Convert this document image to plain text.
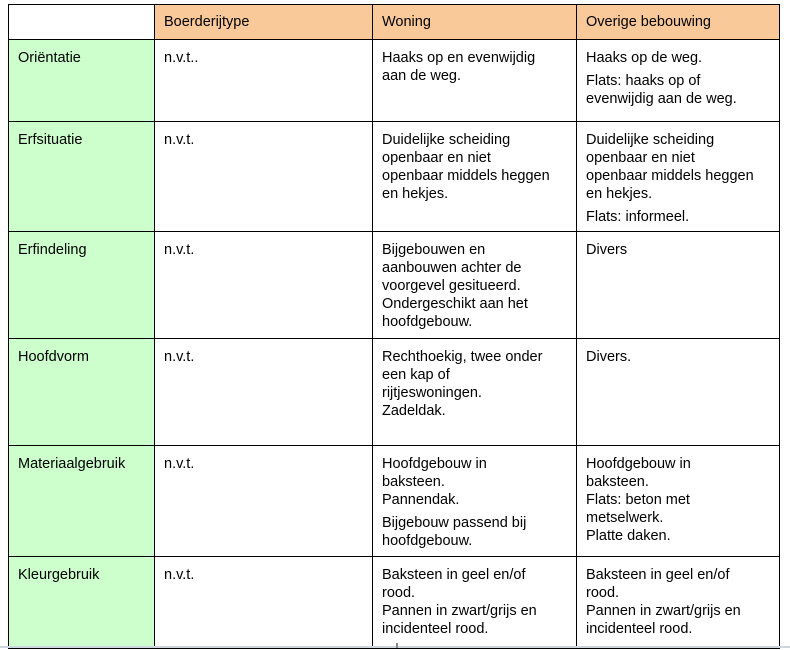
	Boerderijtype	Woning	Overige bebouwing
Oriëntatie	n.v.t..	Haaks op en evenwijdig
aan de weg.	Haaks op de weg.
Flats: haaks op of
evenwijdig aan de weg.

Erfsituatie	n.v.t.	Duidelijke scheiding
openbaar en niet
openbaar middels heggen
en hekjes.	Duidelijke scheiding
openbaar en niet
openbaar middels heggen
en hekjes.
Flats: informeel.

Erfindeling	n.v.t.	Bijgebouwen en
aanbouwen achter de
voorgevel gesitueerd.
Ondergeschikt aan het
hoofdgebouw.	Divers

Hoofdvorm	n.v.t.	Rechthoekig, twee onder
een kap of
rijtjeswoningen.
Zadeldak.	Divers.

Materiaalgebruik	n.v.t.	Hoofdgebouw in
baksteen.
Pannendak.
Bijgebouw passend bij
hoofdgebouw.	Hoofdgebouw in
baksteen.
Flats: beton met
metselwerk.
Platte daken.

Kleurgebruik	n.v.t.	Baksteen in geel en/of
rood.
Pannen in zwart/grijs en
incidenteel rood.	Baksteen in geel en/of
rood.
Pannen in zwart/grijs en
incidenteel rood.
